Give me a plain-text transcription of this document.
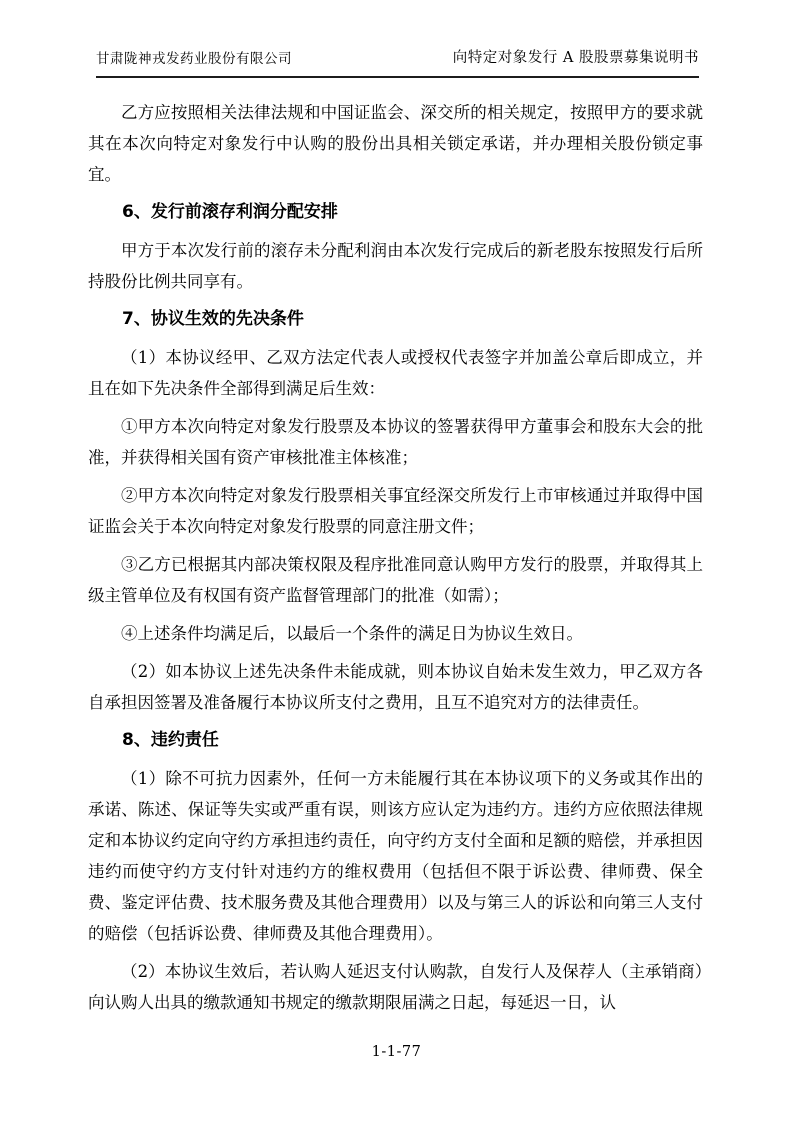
甘肃陇神戎发药业股份有限公司	向特定对象发行 A 股股票募集说明书

乙方应按照相关法律法规和中国证监会、深交所的相关规定，按照甲方的要求就其在本次向特定对象发行中认购的股份出具相关锁定承诺，并办理相关股份锁定事宜。

6、发行前滚存利润分配安排

甲方于本次发行前的滚存未分配利润由本次发行完成后的新老股东按照发行后所持股份比例共同享有。

7、协议生效的先决条件

（1）本协议经甲、乙双方法定代表人或授权代表签字并加盖公章后即成立，并且在如下先决条件全部得到满足后生效：

①甲方本次向特定对象发行股票及本协议的签署获得甲方董事会和股东大会的批准，并获得相关国有资产审核批准主体核准；

②甲方本次向特定对象发行股票相关事宜经深交所发行上市审核通过并取得中国证监会关于本次向特定对象发行股票的同意注册文件；

③乙方已根据其内部决策权限及程序批准同意认购甲方发行的股票，并取得其上级主管单位及有权国有资产监督管理部门的批准（如需）；

④上述条件均满足后，以最后一个条件的满足日为协议生效日。

（2）如本协议上述先决条件未能成就，则本协议自始未发生效力，甲乙双方各自承担因签署及准备履行本协议所支付之费用，且互不追究对方的法律责任。

8、违约责任

（1）除不可抗力因素外，任何一方未能履行其在本协议项下的义务或其作出的承诺、陈述、保证等失实或严重有误，则该方应认定为违约方。违约方应依照法律规定和本协议约定向守约方承担违约责任，向守约方支付全面和足额的赔偿，并承担因违约而使守约方支付针对违约方的维权费用（包括但不限于诉讼费、律师费、保全费、鉴定评估费、技术服务费及其他合理费用）以及与第三人的诉讼和向第三人支付的赔偿（包括诉讼费、律师费及其他合理费用）。

（2）本协议生效后，若认购人延迟支付认购款，自发行人及保荐人（主承销商）向认购人出具的缴款通知书规定的缴款期限届满之日起，每延迟一日，认

1-1-77
